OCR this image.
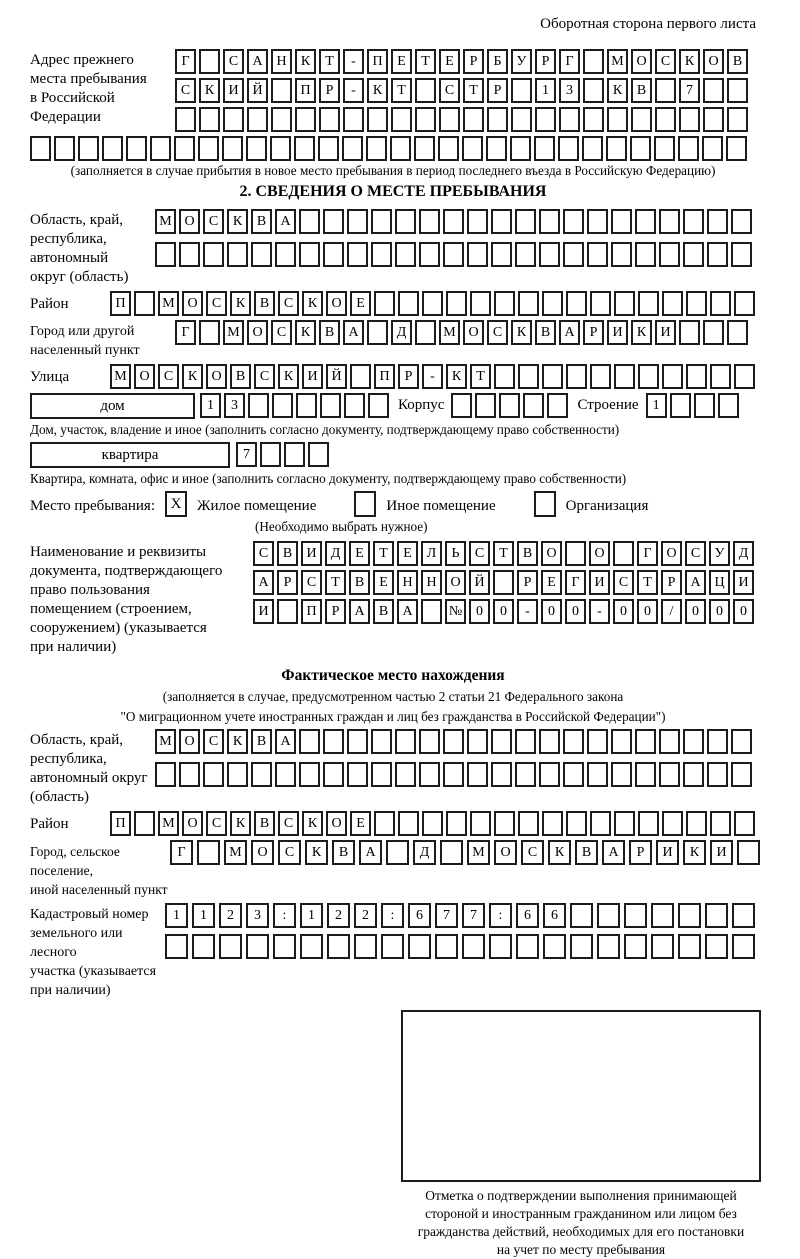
Оборотная сторона первого листа
Адрес прежнего
места пребывания
в Российской
Федерации
Г	С	А Н	К	Т	-	П	Е	Т	Е	Р	Б	У	Р	Г	М О	С	К	О	В
С	К	И Й	П	Р	-	К	Т	С	Т	Р	1	3	К	В	7
(заполняется в случае прибытия в новое место пребывания в период последнего въезда в Российскую Федерацию)
2. СВЕДЕНИЯ О МЕСТЕ ПРЕБЫВАНИЯ
Область, край,
республика,
автономный
округ (область)
М О	С	К	В	А
Район	П	М О	С	К	В	С	К	О	Е
Город или другой
населенный пункт
Г	М О	С	К	В	А	Д	М О	С	К	В	А	Р	И	К	И
Улица	М О	С	К	О	В	С	К	И Й	П	Р	-	К	Т
дом	1	3	Корпус	Строение	1
Дом, участок, владение и иное (заполнить согласно документу, подтверждающему право собственности)
квартира	7
Квартира, комната, офис и иное (заполнить согласно документу, подтверждающему право собственности)
Место пребывания:	X	Жилое помещение	Иное помещение	Организация
(Необходимо выбрать нужное)
Наименование и реквизиты
документа, подтверждающего
право пользования
помещением (строением,
сооружением) (указывается
при наличии)
С	В	И	Д	Е	Т	Е	Л	Ь	С	Т	В	О	О	Г	О	С	У	Д
А	Р	С	Т	В	Е	Н Н О Й	Р	Е	Г	И	С	Т	Р	А Ц И
И	П	Р	А	В	А	№ 0	0	-	0	0	-	0	0	/	0	0	0
Фактическое место нахождения
(заполняется в случае, предусмотренном частью 2 статьи 21 Федерального закона
"О миграционном учете иностранных граждан и лиц без гражданства в Российской Федерации")
Область, край,
республика,
автономный округ
(область)
М О	С	К	В	А
Район	П	М О	С	К	В	С	К	О	Е
Город, сельское поселение,
иной населенный пункт
Г	М	О	С	К	В	А	Д	М	О	С	К	В	А	Р	И	К	И
Кадастровый номер
земельного или лесного
участка (указывается
при наличии)
1	1	2	3	:	1	2	2	:	6	7	7	:	6	6
Отметка о подтверждении выполнения принимающей
стороной и иностранным гражданином или лицом без
гражданства действий, необходимых для его постановки
на учет по месту пребывания
